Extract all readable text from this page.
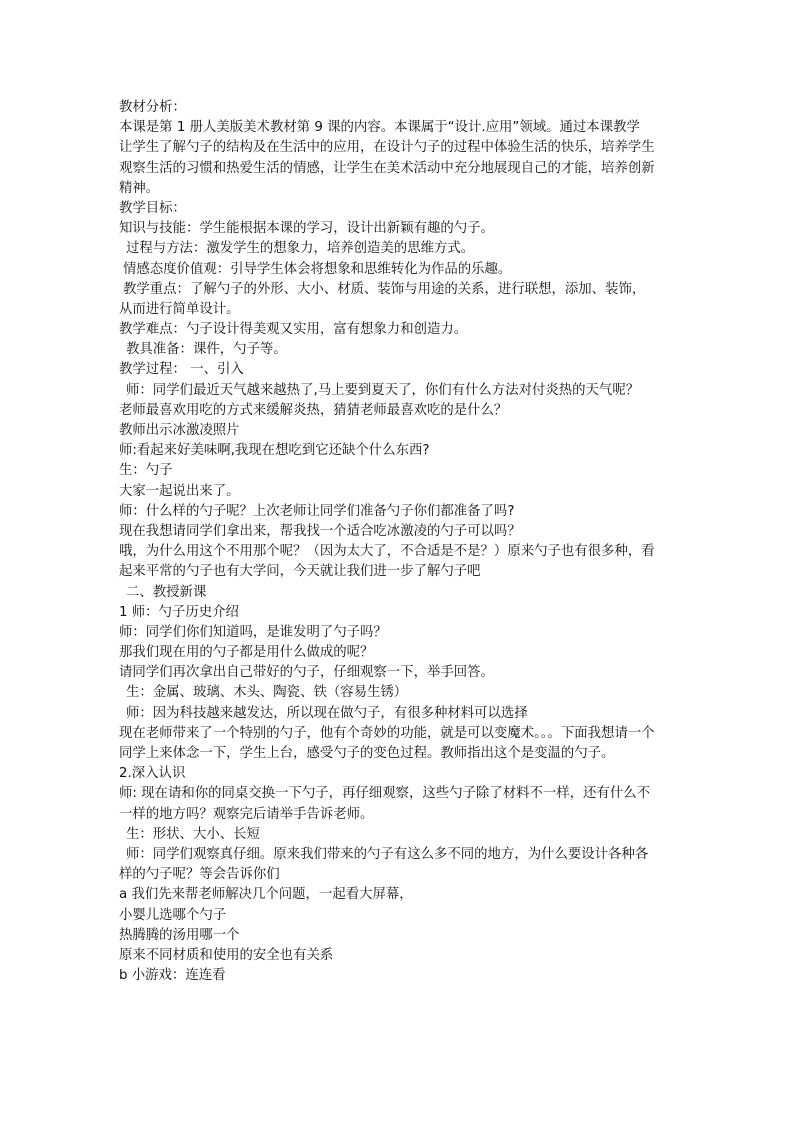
教材分析：
本课是第 1 册人美版美术教材第 9 课的内容。本课属于“设计.应用”领域。通过本课教学
让学生了解勺子的结构及在生活中的应用，在设计勺子的过程中体验生活的快乐，培养学生
观察生活的习惯和热爱生活的情感，让学生在美术活动中充分地展现自己的才能，培养创新
精神。
教学目标：
知识与技能：学生能根据本课的学习，设计出新颖有趣的勺子。
过程与方法：激发学生的想象力，培养创造美的思维方式。
情感态度价值观：引导学生体会将想象和思维转化为作品的乐趣。
教学重点：了解勺子的外形、大小、材质、装饰与用途的关系，进行联想，添加、装饰，
从而进行简单设计。
教学难点：勺子设计得美观又实用，富有想象力和创造力。
教具准备：课件，勺子等。
教学过程： 一、引入
师：同学们最近天气越来越热了,马上要到夏天了，你们有什么方法对付炎热的天气呢？
老师最喜欢用吃的方式来缓解炎热，猜猜老师最喜欢吃的是什么？
教师出示冰激凌照片
师:看起来好美味啊,我现在想吃到它还缺个什么东西?
生：勺子
大家一起说出来了。
师：什么样的勺子呢？上次老师让同学们准备勺子你们都准备了吗?
现在我想请同学们拿出来，帮我找一个适合吃冰激凌的勺子可以吗？
哦，为什么用这个不用那个呢？（因为太大了，不合适是不是？）原来勺子也有很多种，看
起来平常的勺子也有大学问，今天就让我们进一步了解勺子吧
二、教授新课
1 师：勺子历史介绍
师：同学们你们知道吗，是谁发明了勺子吗？
那我们现在用的勺子都是用什么做成的呢？
请同学们再次拿出自己带好的勺子，仔细观察一下，举手回答。
生：金属、玻璃、木头、陶瓷、铁（容易生锈）
师：因为科技越来越发达，所以现在做勺子，有很多种材料可以选择
现在老师带来了一个特别的勺子，他有个奇妙的功能，就是可以变魔术。。。下面我想请一个
同学上来体念一下，学生上台，感受勺子的变色过程。教师指出这个是变温的勺子。
2.深入认识
师: 现在请和你的同桌交换一下勺子，再仔细观察，这些勺子除了材料不一样，还有什么不
一样的地方吗？观察完后请举手告诉老师。
生：形状、大小、长短
师：同学们观察真仔细。原来我们带来的勺子有这么多不同的地方，为什么要设计各种各
样的勺子呢？等会告诉你们
a 我们先来帮老师解决几个问题，一起看大屏幕，
小婴儿选哪个勺子
热腾腾的汤用哪一个
原来不同材质和使用的安全也有关系
b 小游戏：连连看
